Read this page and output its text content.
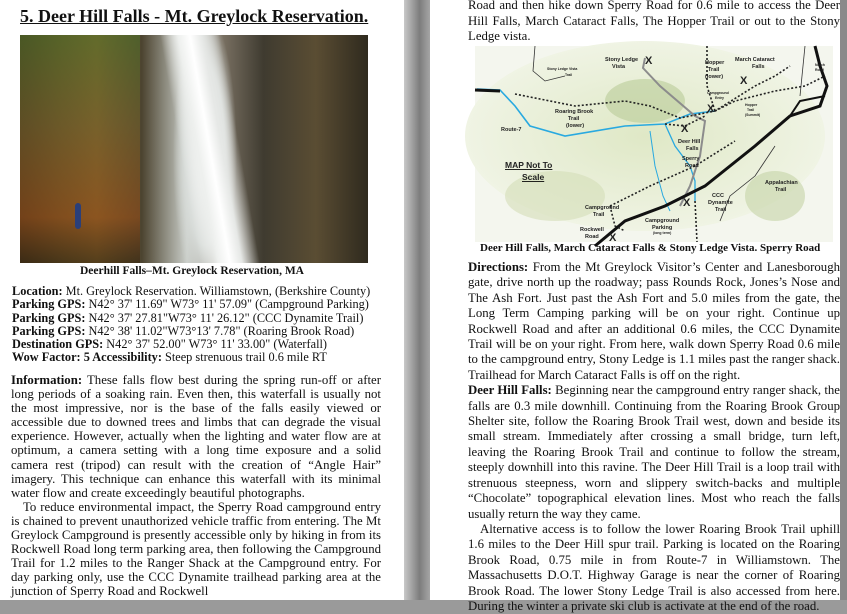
5. Deer Hill Falls - Mt. Greylock Reservation.
Deerhill Falls–Mt. Greylock Reservation, MA
Location: Mt. Greylock Reservation. Williamstown, (Berkshire County)
Parking GPS: N42° 37' 11.69" W73° 11' 57.09" (Campground Parking)
Parking GPS: N42° 37' 27.81"W73° 11' 26.12" (CCC Dynamite Trail)
Parking GPS: N42° 38' 11.02"W73°13' 7.78" (Roaring Brook Road)
Destination GPS: N42° 37' 52.00" W73° 11' 33.00" (Waterfall)
Wow Factor: 5 Accessibility: Steep strenuous trail 0.6 mile RT

Information: These falls flow best during the spring run-off or after long periods of a soaking rain. Even then, this waterfall is usually not the most impressive, nor is the base of the falls easily viewed or accessible due to downed trees and limbs that can degrade the visual experience. However, actually when the lighting and water flow are at optimum, a camera setting with a long time exposure and a solid camera rest (tripod) can result with the creation of “Angle Hair” imagery. This technique can enhance this waterfall with its minimal water flow and create exceedingly beautiful photographs.

To reduce environmental impact, the Sperry Road campground entry is chained to prevent unauthorized vehicle traffic from entering. The Mt Greylock Campground is presently accessible only by hiking in from its Rockwell Road long term parking area, then following the Campground Trail for 1.2 miles to the Ranger Shack at the Campground entry. For day parking only, use the CCC Dynamite trailhead parking area at the junction of Sperry Road and Rockwell

Road and then hike down Sperry Road for 0.6 mile to access the Deer Hill Falls, March Cataract Falls, The Hopper Trail or out to the Stony Ledge vista.
X
X
X
X
X
X
Stony Ledge
Vista
Hopper
Trail
(lower)
March Cataract
Falls
Route-7
Roaring Brook
Trail
(lower)
Deer Hill
Falls
Sperry
Road
Appalachian
Trail
CCC
Dynamite
Trail
Campground
Trail
Rockwell
Road
Campground
Parking
Stony Ledge Vista
Trail
Notch
Road
Campground
Entry
Hopper
Trail
(Summit)
(long term)
MAP Not To
Scale
Deer Hill Falls, March Cataract Falls & Stony Ledge Vista. Sperry Road

Directions: From the Mt Greylock Visitor’s Center and Lanesborough gate, drive north up the roadway; pass Rounds Rock, Jones’s Nose and The Ash Fort. Just past the Ash Fort and 5.0 miles from the gate, the Long Term Camping parking will be on your right. Continue up Rockwell Road and after an additional 0.6 miles, the CCC Dynamite Trail will be on your right. From here, walk down Sperry Road 0.6 mile to the campground entry, Stony Ledge is 1.1 miles past the ranger shack. Trailhead for March Cataract Falls is off on the right.

Deer Hill Falls: Beginning near the campground entry ranger shack, the falls are 0.3 mile downhill. Continuing from the Roaring Brook Group Shelter site, follow the Roaring Brook Trail west, down and beside its small stream. Immediately after crossing a small bridge, turn left, leaving the Roaring Brook Trail and continue to follow the stream, steeply downhill into this ravine. The Deer Hill Trail is a loop trail with strenuous steepness, worn and slippery switch-backs and multiple “Chocolate” topographical elevation lines. Most who reach the falls usually return the way they came.

Alternative access is to follow the lower Roaring Brook Trail uphill 1.6 miles to the Deer Hill spur trail. Parking is located on the Roaring Brook Road, 0.75 mile in from Route-7 in Williamstown. The Massachusetts D.O.T. Highway Garage is near the corner of Roaring Brook Road. The lower Stony Ledge Trail is also accessed from here. During the winter a private ski club is activate at the end of the road.
